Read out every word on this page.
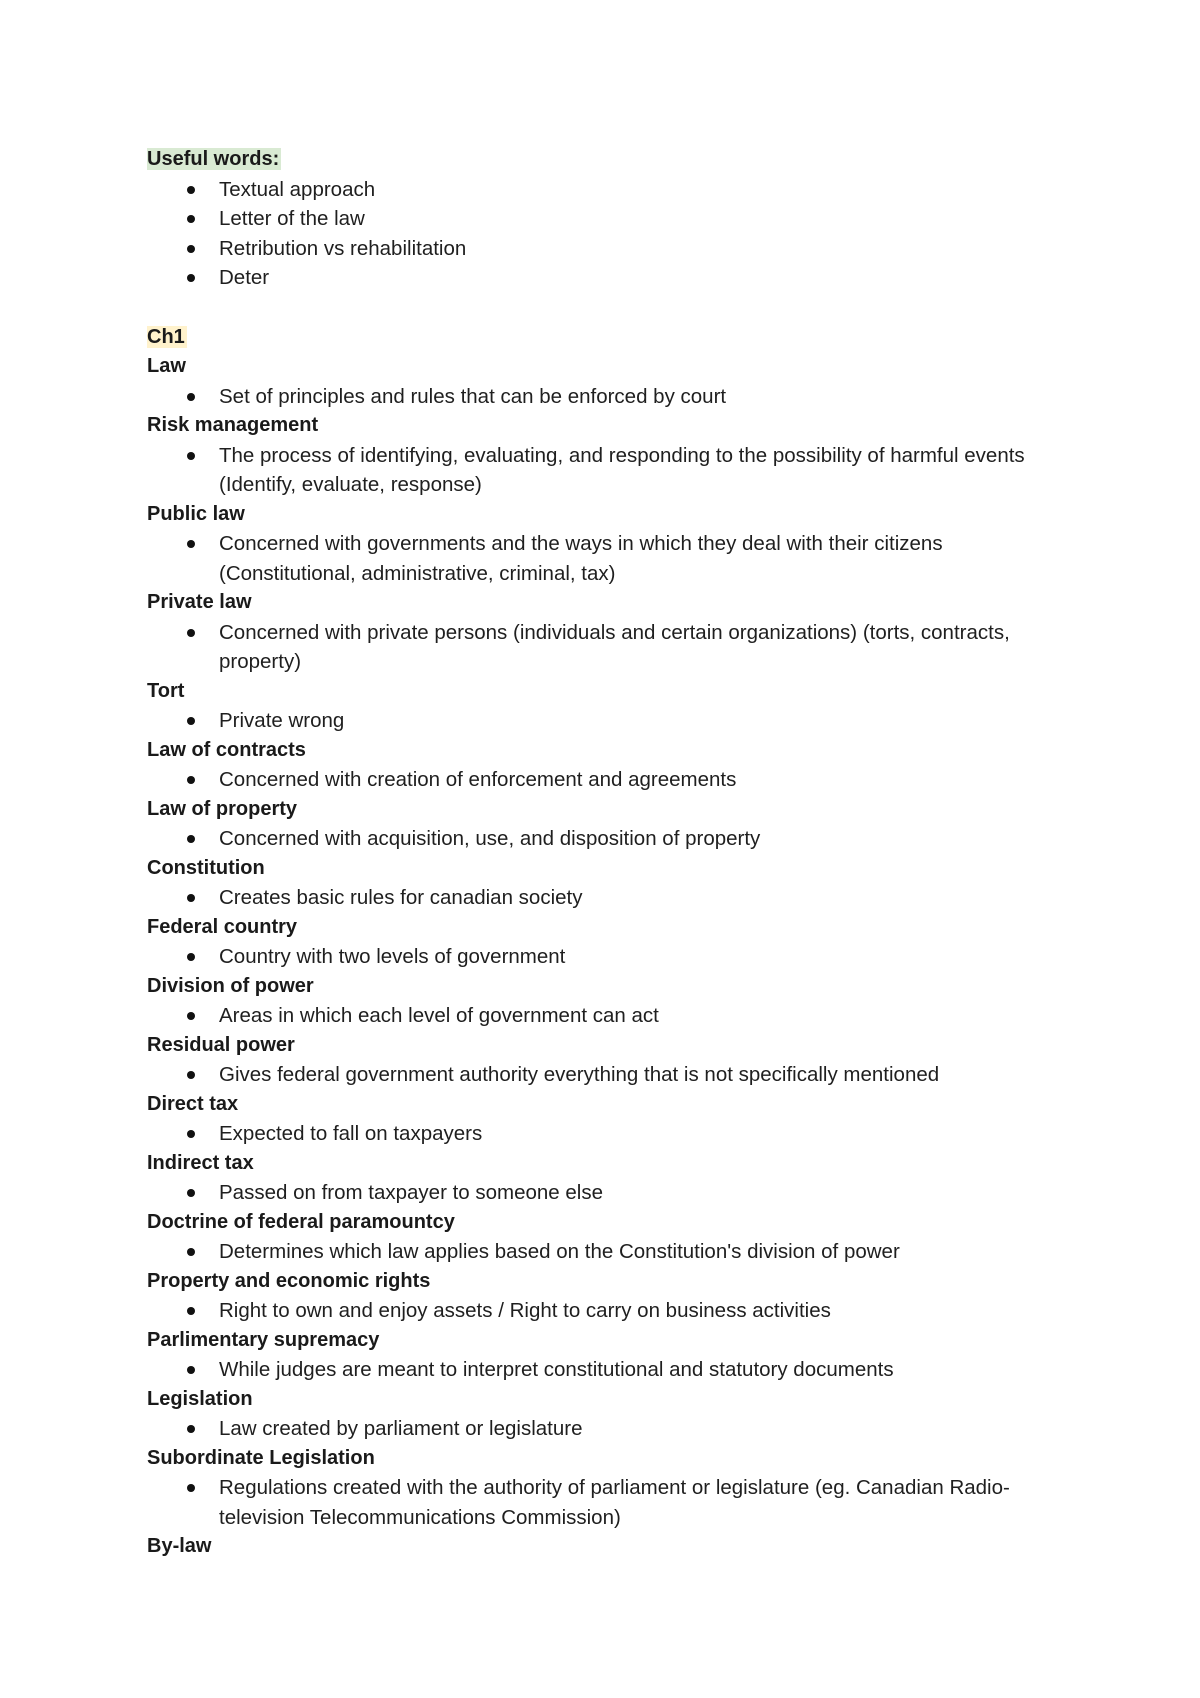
Useful words:
Textual approach
Letter of the law
Retribution vs rehabilitation
Deter
Ch1
Law
Set of principles and rules that can be enforced by court
Risk management
The process of identifying, evaluating, and responding to the possibility of harmful events (Identify, evaluate, response)
Public law
Concerned with governments and the ways in which they deal with their citizens (Constitutional, administrative, criminal, tax)
Private law
Concerned with private persons (individuals and certain organizations) (torts, contracts, property)
Tort
Private wrong
Law of contracts
Concerned with creation of enforcement and agreements
Law of property
Concerned with acquisition, use, and disposition of property
Constitution
Creates basic rules for canadian society
Federal country
Country with two levels of government
Division of power
Areas in which each level of government can act
Residual power
Gives federal government authority everything that is not specifically mentioned
Direct tax
Expected to fall on taxpayers
Indirect tax
Passed on from taxpayer to someone else
Doctrine of federal paramountcy
Determines which law applies based on the Constitution's division of power
Property and economic rights
Right to own and enjoy assets / Right to carry on business activities
Parlimentary supremacy
While judges are meant to interpret constitutional and statutory documents
Legislation
Law created by parliament or legislature
Subordinate Legislation
Regulations created with the authority of parliament or legislature (eg. Canadian Radio-television Telecommunications Commission)
By-law
